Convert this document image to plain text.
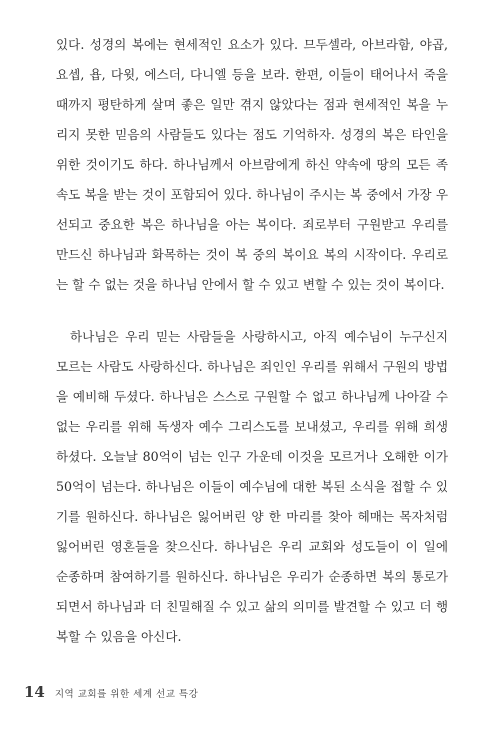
있다. 성경의 복에는 현세적인 요소가 있다. 므두셀라, 아브라함, 야곱,
요셉, 욥, 다윗, 에스더, 다니엘 등을 보라. 한편, 이들이 태어나서 죽을
때까지 평탄하게 살며 좋은 일만 겪지 않았다는 점과 현세적인 복을 누
리지 못한 믿음의 사람들도 있다는 점도 기억하자. 성경의 복은 타인을
위한 것이기도 하다. 하나님께서 아브람에게 하신 약속에 땅의 모든 족
속도 복을 받는 것이 포함되어 있다. 하나님이 주시는 복 중에서 가장 우
선되고 중요한 복은 하나님을 아는 복이다. 죄로부터 구원받고 우리를
만드신 하나님과 화목하는 것이 복 중의 복이요 복의 시작이다. 우리로
는 할 수 없는 것을 하나님 안에서 할 수 있고 변할 수 있는 것이 복이다.
하나님은 우리 믿는 사람들을 사랑하시고, 아직 예수님이 누구신지
모르는 사람도 사랑하신다. 하나님은 죄인인 우리를 위해서 구원의 방법
을 예비해 두셨다. 하나님은 스스로 구원할 수 없고 하나님께 나아갈 수
없는 우리를 위해 독생자 예수 그리스도를 보내셨고, 우리를 위해 희생
하셨다. 오늘날 80억이 넘는 인구 가운데 이것을 모르거나 오해한 이가
50억이 넘는다. 하나님은 이들이 예수님에 대한 복된 소식을 접할 수 있
기를 원하신다. 하나님은 잃어버린 양 한 마리를 찾아 헤매는 목자처럼
잃어버린 영혼들을 찾으신다. 하나님은 우리 교회와 성도들이 이 일에
순종하며 참여하기를 원하신다. 하나님은 우리가 순종하면 복의 통로가
되면서 하나님과 더 친밀해질 수 있고 삶의 의미를 발견할 수 있고 더 행
복할 수 있음을 아신다.
14 지역 교회를 위한 세계 선교 특강
